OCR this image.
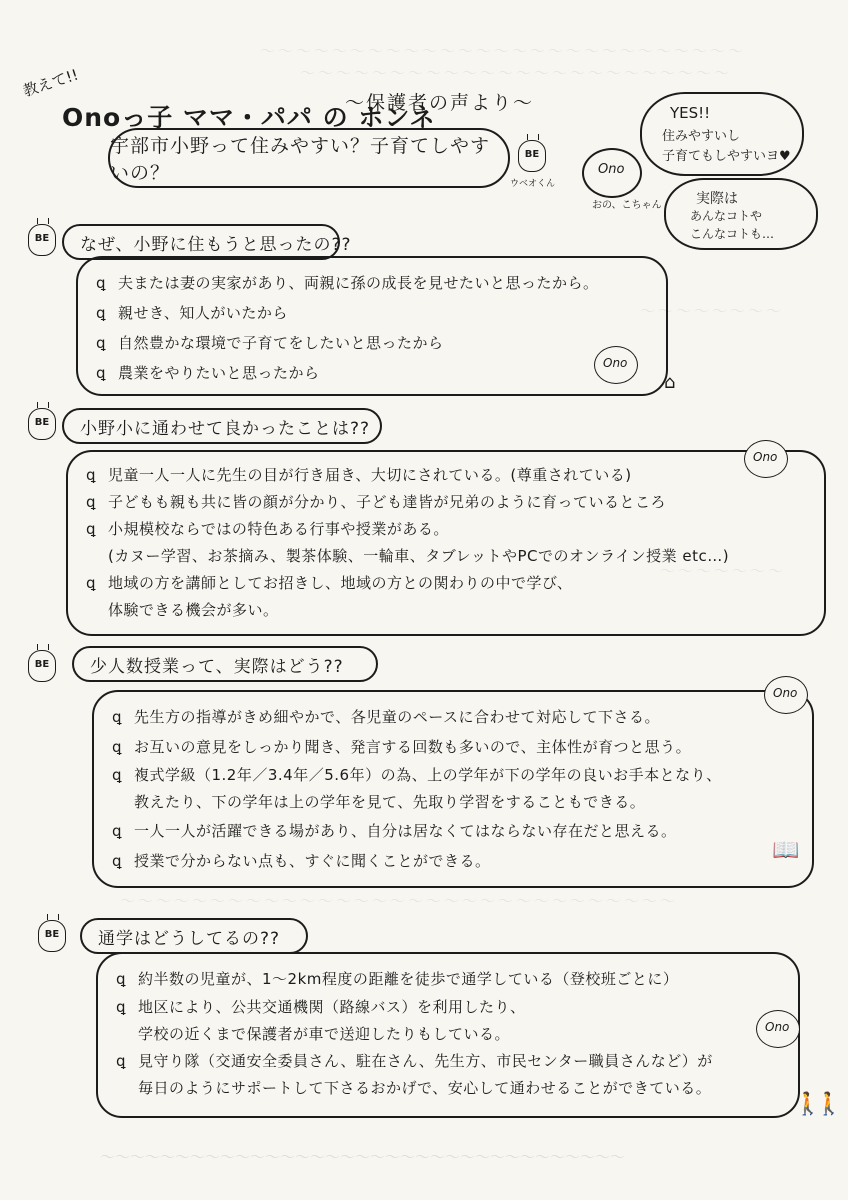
〜〜〜〜〜〜〜〜〜〜〜〜〜〜〜〜〜〜〜〜〜〜〜〜〜〜〜
〜〜〜〜〜〜〜〜〜〜〜〜〜〜〜〜〜〜〜〜〜〜〜〜
〜〜〜〜〜〜〜〜
〜〜〜〜〜〜〜
〜〜〜〜〜〜〜〜〜〜〜〜〜〜〜〜〜〜〜〜〜〜〜〜〜〜〜〜〜〜〜
教えて!!
Onoっ子 ママ・パパ の ホンネ
〜保護者の声より〜
宇部市小野って住みやすい？子育てしやすいの？
BE
ウベオくん
YES!!
住みやすいし
子育てもしやすいヨ♥
実際は
あんなコトや
こんなコトも…
Ono
おの、こちゃん
BE	なぜ、小野に住もうと思ったの??
ꝗ 夫または妻の実家があり、両親に孫の成長を見せたいと思ったから。
ꝗ 親せき、知人がいたから
ꝗ 自然豊かな環境で子育てをしたいと思ったから
ꝗ 農業をやりたいと思ったから
Ono
⌂
BE	小野小に通わせて良かったことは??
ꝗ 児童一人一人に先生の目が行き届き、大切にされている。(尊重されている)
ꝗ 子どもも親も共に皆の顔が分かり、子ども達皆が兄弟のように育っているところ
ꝗ 小規模校ならではの特色ある行事や授業がある。
(カヌー学習、お茶摘み、製茶体験、一輪車、タブレットやPCでのオンライン授業 etc…)
ꝗ 地域の方を講師としてお招きし、地域の方との関わりの中で学び、
体験できる機会が多い。
Ono
BE	少人数授業って、実際はどう??
ꝗ 先生方の指導がきめ細やかで、各児童のペースに合わせて対応して下さる。
ꝗ お互いの意見をしっかり聞き、発言する回数も多いので、主体性が育つと思う。
ꝗ 複式学級（1.2年／3.4年／5.6年）の為、上の学年が下の学年の良いお手本となり、
教えたり、下の学年は上の学年を見て、先取り学習をすることもできる。
ꝗ 一人一人が活躍できる場があり、自分は居なくてはならない存在だと思える。
ꝗ 授業で分からない点も、すぐに聞くことができる。
Ono
📖
BE	通学はどうしてるの??
ꝗ 約半数の児童が、1〜2km程度の距離を徒歩で通学している（登校班ごとに）
ꝗ 地区により、公共交通機関（路線バス）を利用したり、
学校の近くまで保護者が車で送迎したりもしている。
ꝗ 見守り隊（交通安全委員さん、駐在さん、先生方、市民センター職員さんなど）が
毎日のようにサポートして下さるおかげで、安心して通わせることができている。
Ono
🚶🚶
〜〜〜〜〜〜〜〜〜〜〜〜〜〜〜〜〜〜〜〜〜〜〜〜〜〜〜〜〜〜〜〜〜〜〜
